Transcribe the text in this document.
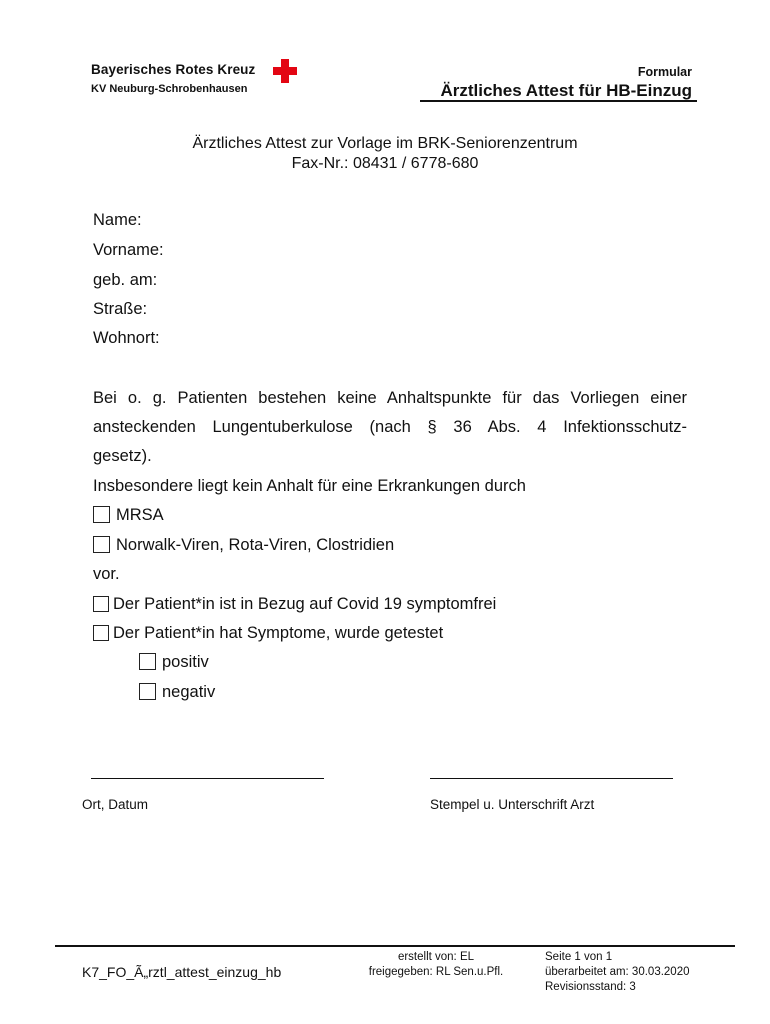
Bayerisches Rotes Kreuz
KV Neuburg-Schrobenhausen
Formular
Ärztliches Attest für HB-Einzug
Ärztliches Attest zur Vorlage im BRK-Seniorenzentrum
Fax-Nr.: 08431 / 6778-680
Name:
Vorname:
geb. am:
Straße:
Wohnort:
Bei o. g. Patienten bestehen keine Anhaltspunkte für das Vorliegen einer
ansteckenden Lungentuberkulose (nach § 36 Abs. 4 Infektionsschutz-
gesetz).
Insbesondere liegt kein Anhalt für eine Erkrankungen durch
MRSA
Norwalk-Viren, Rota-Viren, Clostridien
vor.
Der Patient*in ist in Bezug auf Covid 19 symptomfrei
Der Patient*in hat Symptome, wurde getestet
positiv
negativ
Ort, Datum	Stempel u. Unterschrift Arzt
K7_FO_Ã„rztl_attest_einzug_hb
erstellt von: EL
freigegeben: RL Sen.u.Pfl.
Seite 1 von 1
überarbeitet am: 30.03.2020
Revisionsstand: 3
